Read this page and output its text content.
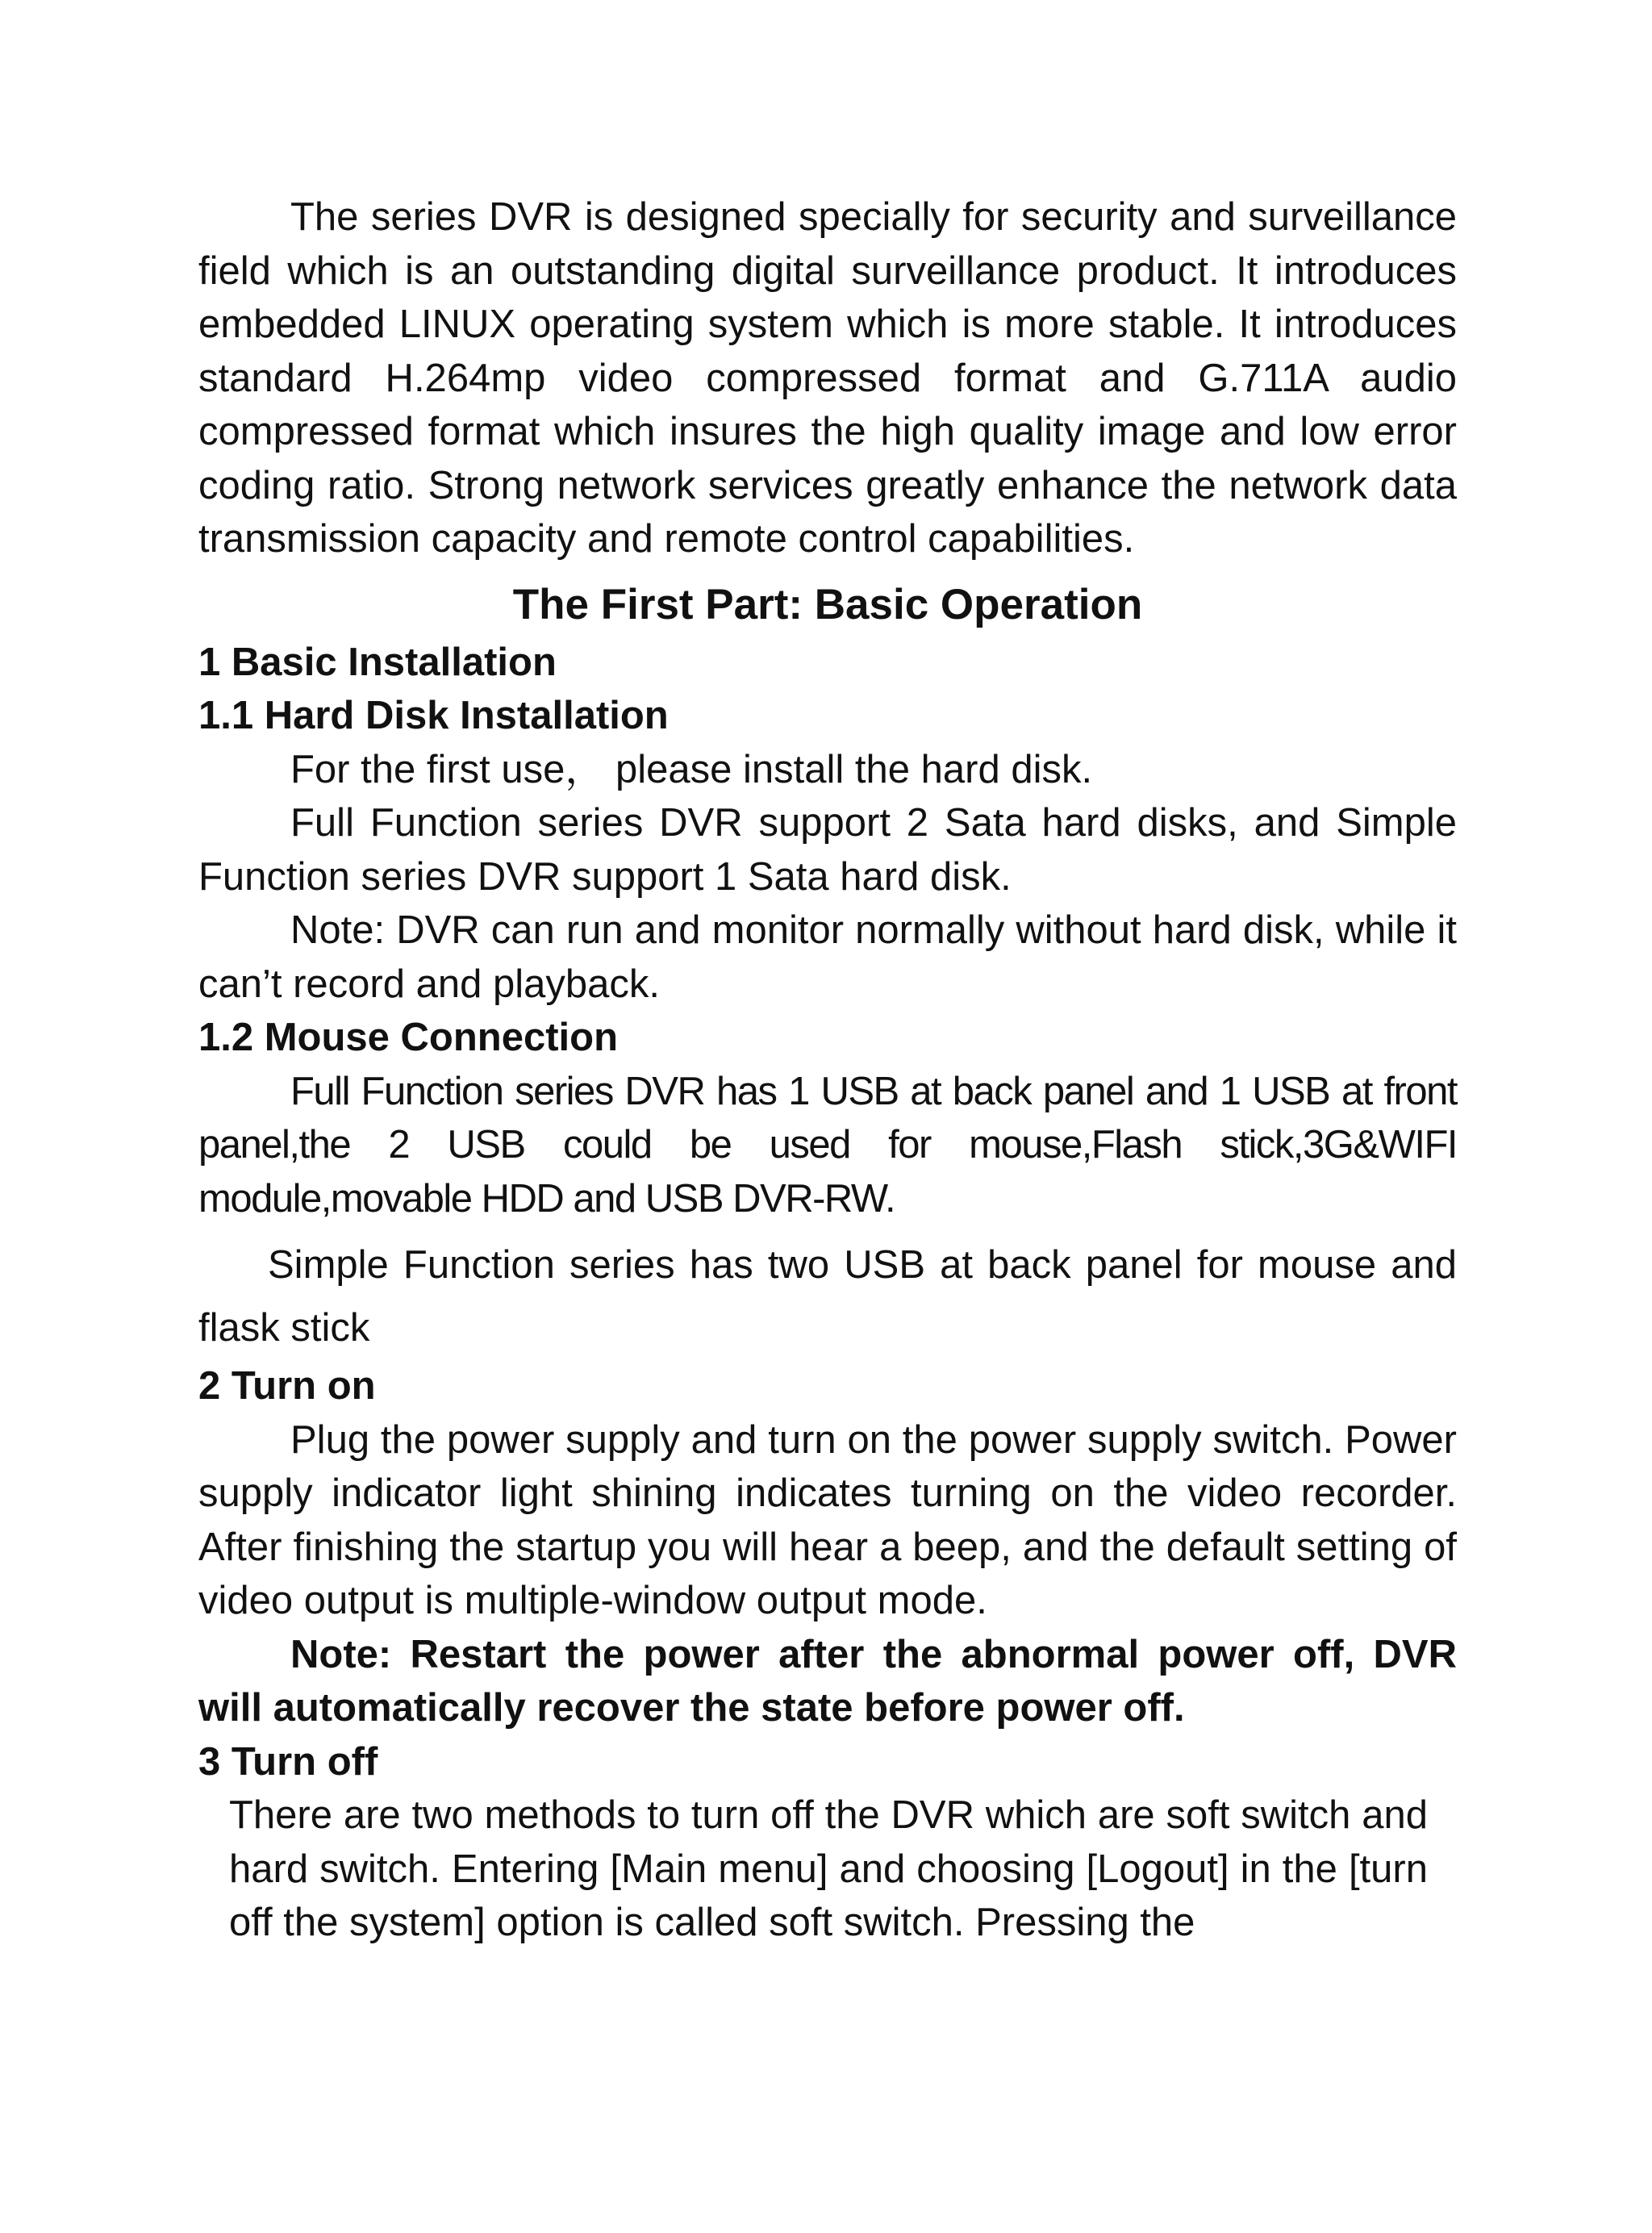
The series DVR is designed specially for security and surveillance field which is an outstanding digital surveillance product. It introduces embedded LINUX operating system which is more stable. It introduces standard H.264mp video compressed format and G.711A audio compressed format which insures the high quality image and low error coding ratio. Strong network services greatly enhance the network data transmission capacity and remote control capabilities.

The First Part: Basic Operation

1 Basic Installation

1.1 Hard Disk Installation

For the first use， please install the hard disk.

Full Function series DVR support 2 Sata hard disks, and Simple Function series DVR support 1 Sata hard disk.

Note: DVR can run and monitor normally without hard disk, while it can’t record and playback.

1.2 Mouse Connection

Full Function series DVR has 1 USB at back panel and 1 USB at front panel,the 2 USB could be used for mouse,Flash stick,3G&WIFI module,movable HDD and USB DVR-RW.

Simple Function series has two USB at back panel for mouse and flask stick

2 Turn on

Plug the power supply and turn on the power supply switch. Power supply indicator light shining indicates turning on the video recorder. After finishing the startup you will hear a beep, and the default setting of video output is multiple-window output mode.

Note: Restart the power after the abnormal power off, DVR will automatically recover the state before power off.

3 Turn off

There are two methods to turn off the DVR which are soft switch and hard switch. Entering [Main menu] and choosing [Logout] in the [turn off the system] option is called soft switch. Pressing the
